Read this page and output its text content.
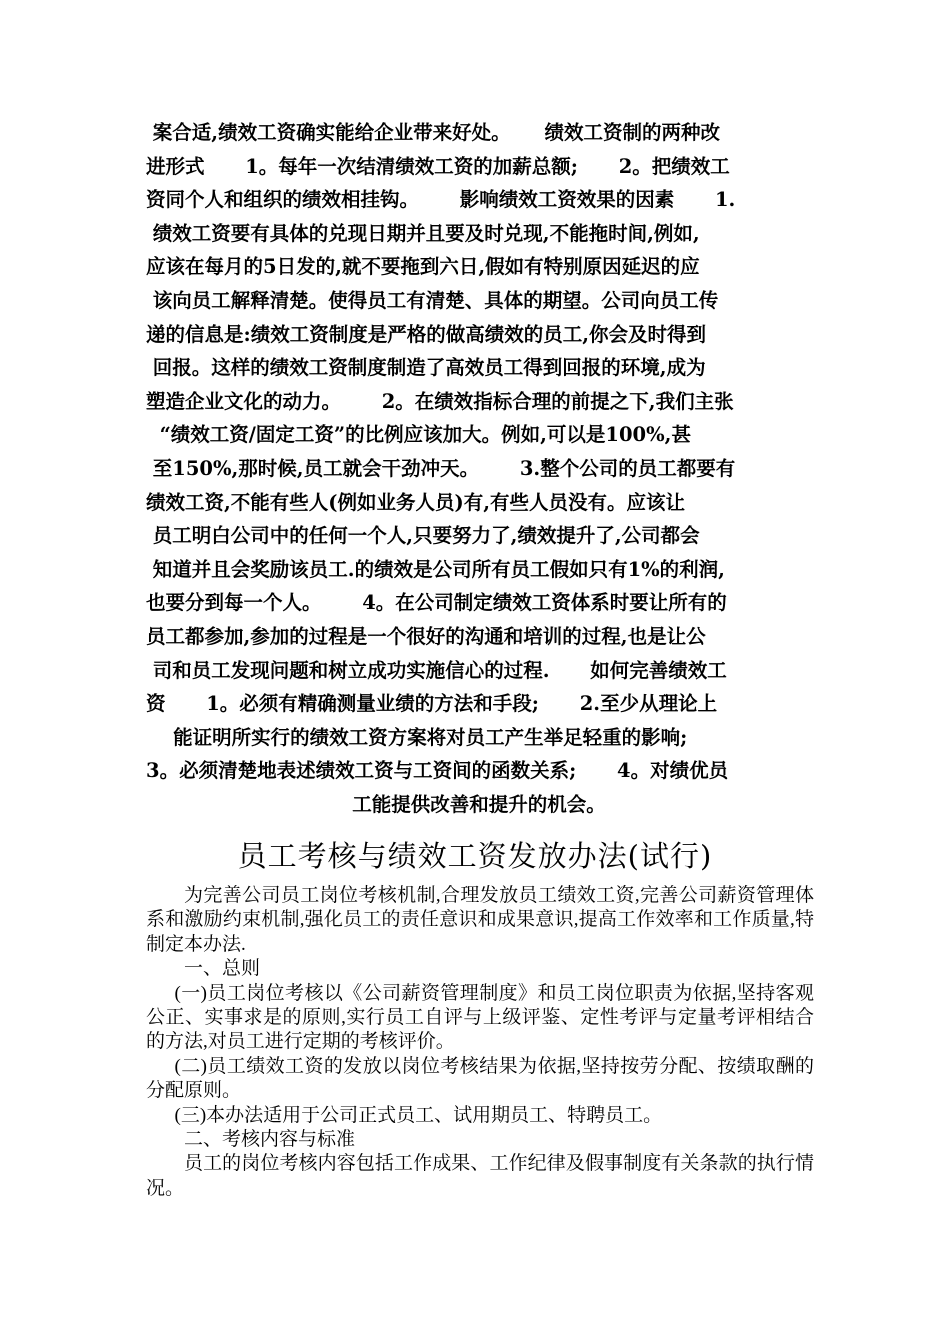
案合适,绩效工资确实能给企业带来好处。     绩效工资制的两种改
进形式      1。每年一次结清绩效工资的加薪总额;      2。把绩效工
资同个人和组织的绩效相挂钩。      影响绩效工资效果的因素      1.
绩效工资要有具体的兑现日期并且要及时兑现,不能拖时间,例如,
应该在每月的5日发的,就不要拖到六日,假如有特别原因延迟的应
该向员工解释清楚。使得员工有清楚、具体的期望。公司向员工传
递的信息是:绩效工资制度是严格的做高绩效的员工,你会及时得到
回报。这样的绩效工资制度制造了高效员工得到回报的环境,成为
塑造企业文化的动力。      2。在绩效指标合理的前提之下,我们主张
“绩效工资/固定工资”的比例应该加大。例如,可以是100%,甚
至150%,那时候,员工就会干劲冲天。      3.整个公司的员工都要有
绩效工资,不能有些人(例如业务人员)有,有些人员没有。应该让
员工明白公司中的任何一个人,只要努力了,绩效提升了,公司都会
知道并且会奖励该员工.的绩效是公司所有员工假如只有1%的利润,
也要分到每一个人。      4。在公司制定绩效工资体系时要让所有的
员工都参加,参加的过程是一个很好的沟通和培训的过程,也是让公
司和员工发现问题和树立成功实施信心的过程.      如何完善绩效工
资      1。必须有精确测量业绩的方法和手段;      2.至少从理论上
能证明所实行的绩效工资方案将对员工产生举足轻重的影响;
3。必须清楚地表述绩效工资与工资间的函数关系;      4。对绩优员
工能提供改善和提升的机会。
员工考核与绩效工资发放办法(试行)

为完善公司员工岗位考核机制,合理发放员工绩效工资,完善公司薪资管理体系和激励约束机制,强化员工的责任意识和成果意识,提高工作效率和工作质量,特制定本办法.

一、总则

(一)员工岗位考核以《公司薪资管理制度》和员工岗位职责为依据,坚持客观公正、实事求是的原则,实行员工自评与上级评鉴、定性考评与定量考评相结合的方法,对员工进行定期的考核评价。

(二)员工绩效工资的发放以岗位考核结果为依据,坚持按劳分配、按绩取酬的分配原则。

(三)本办法适用于公司正式员工、试用期员工、特聘员工。

二、考核内容与标准

员工的岗位考核内容包括工作成果、工作纪律及假事制度有关条款的执行情况。
